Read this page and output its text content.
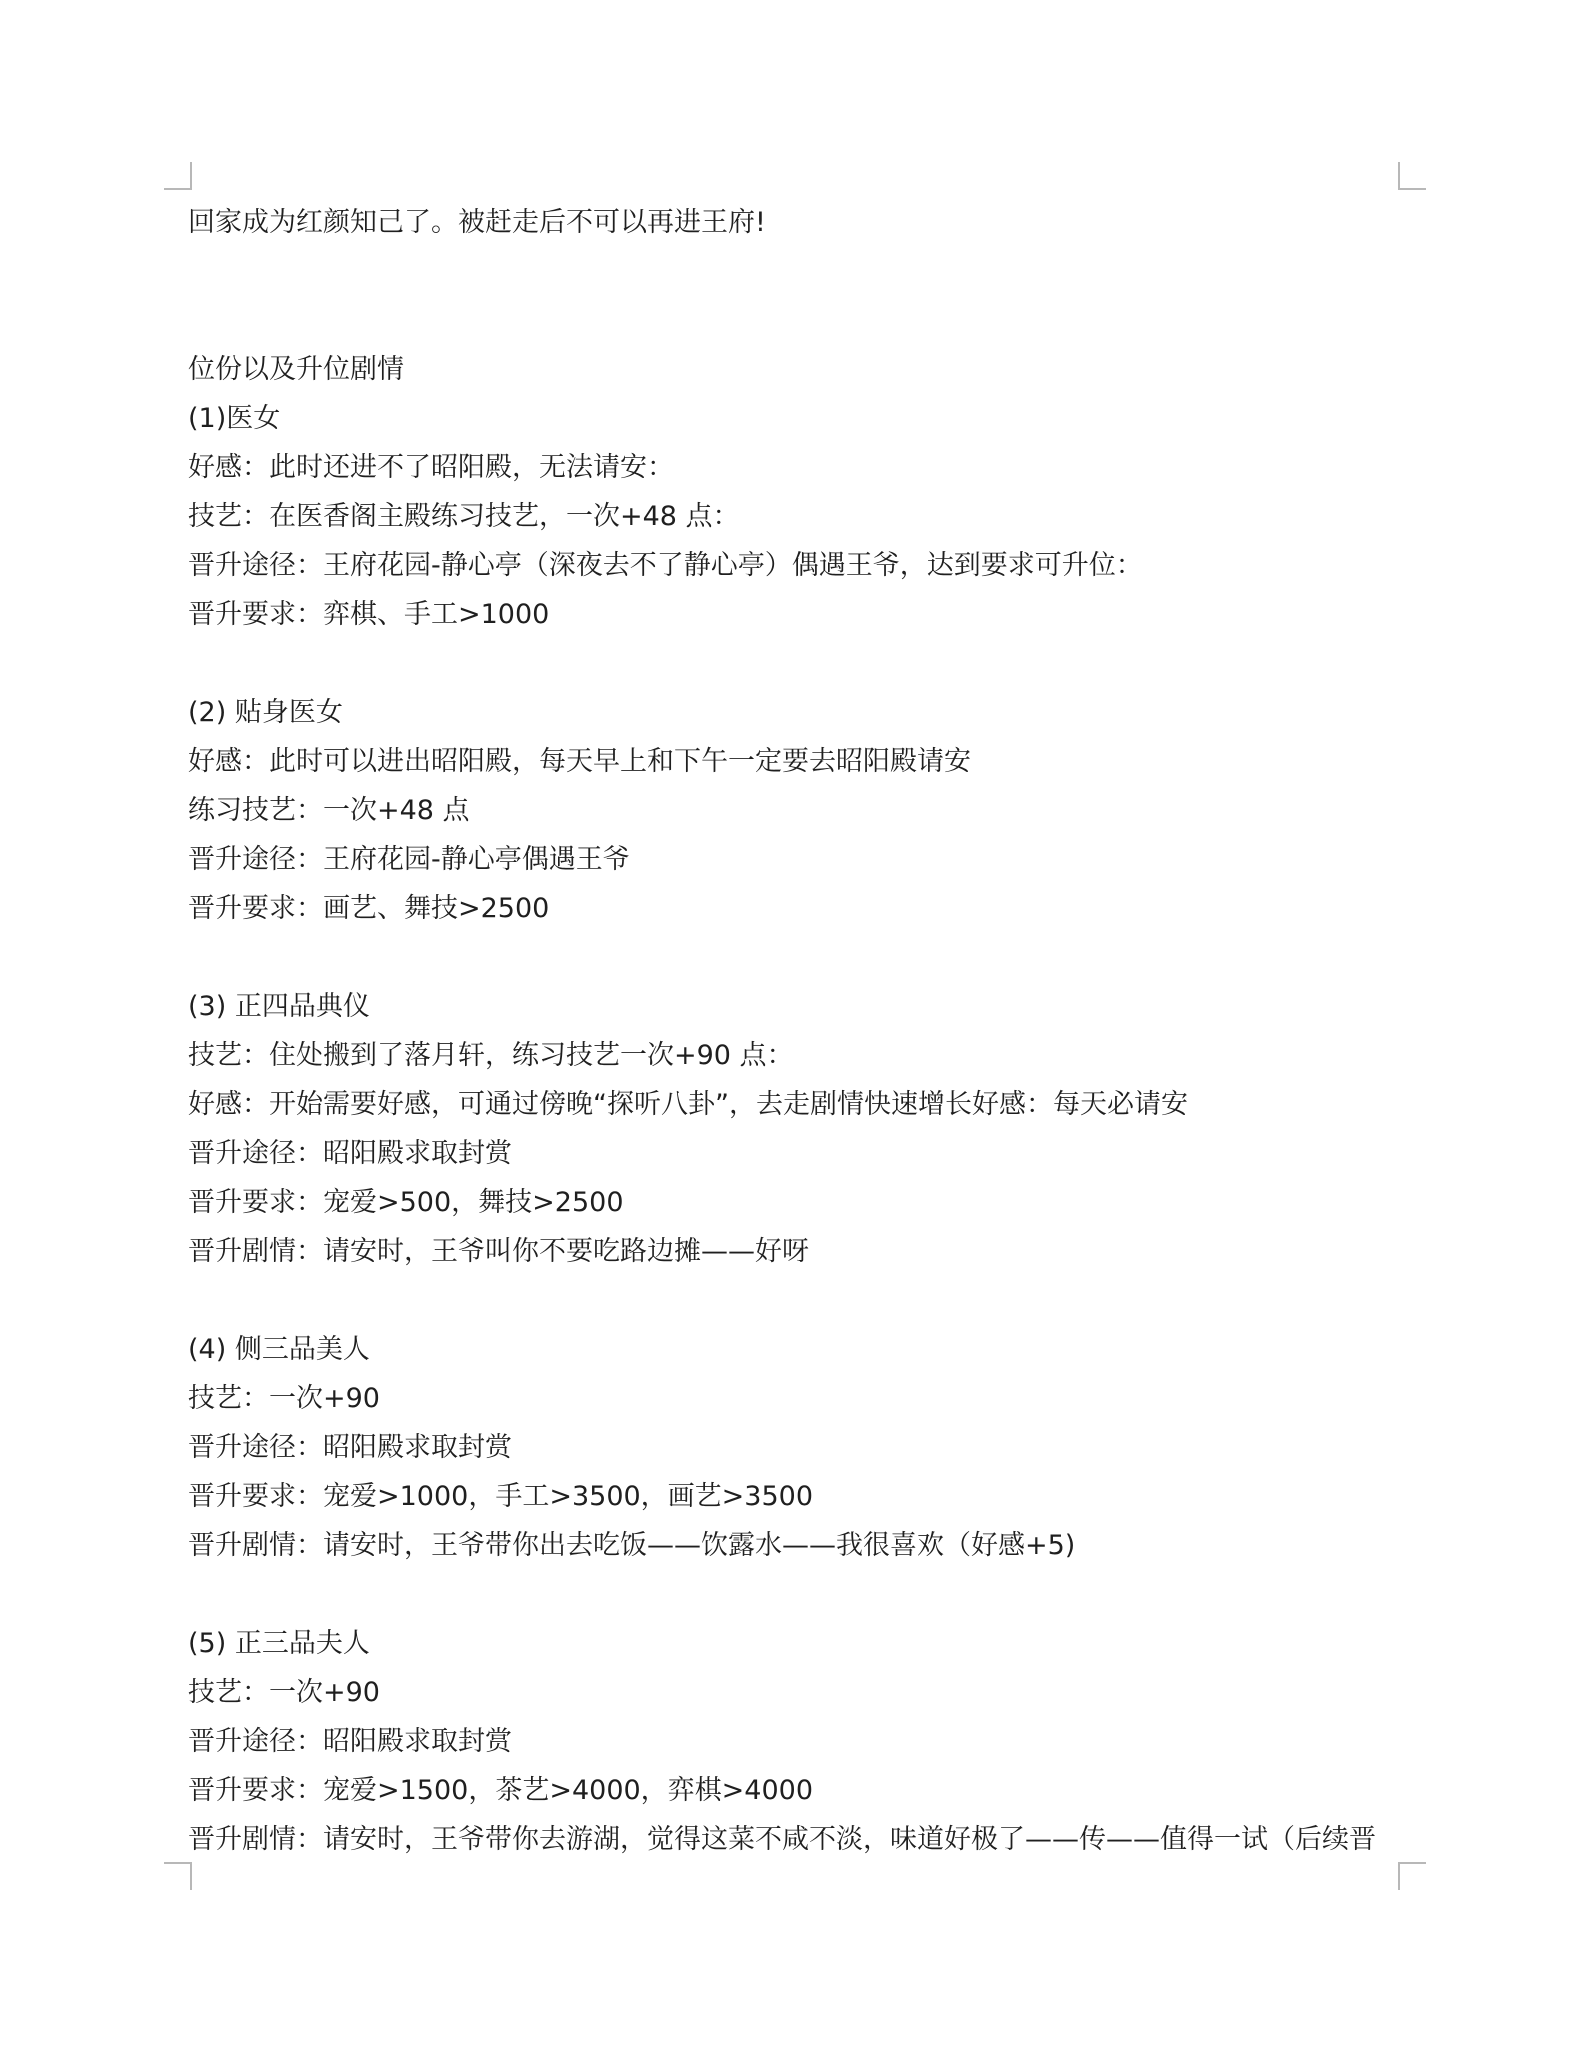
回家成为红颜知己了。被赶走后不可以再进王府!
位份以及升位剧情
(1)医女
好感：此时还进不了昭阳殿，无法请安：
技艺：在医香阁主殿练习技艺，一次+48 点：
晋升途径：王府花园-静心亭（深夜去不了静心亭）偶遇王爷，达到要求可升位：
晋升要求：弈棋、手工>1000
(2) 贴身医女
好感：此时可以进出昭阳殿，每天早上和下午一定要去昭阳殿请安
练习技艺：一次+48 点
晋升途径：王府花园-静心亭偶遇王爷
晋升要求：画艺、舞技>2500
(3) 正四品典仪
技艺：住处搬到了落月轩，练习技艺一次+90 点：
好感：开始需要好感，可通过傍晚“探听八卦”，去走剧情快速增长好感：每天必请安
晋升途径：昭阳殿求取封赏
晋升要求：宠爱>500，舞技>2500
晋升剧情：请安时，王爷叫你不要吃路边摊——好呀
(4) 侧三品美人
技艺：一次+90
晋升途径：昭阳殿求取封赏
晋升要求：宠爱>1000，手工>3500，画艺>3500
晋升剧情：请安时，王爷带你出去吃饭——饮露水——我很喜欢（好感+5)
(5) 正三品夫人
技艺：一次+90
晋升途径：昭阳殿求取封赏
晋升要求：宠爱>1500，茶艺>4000，弈棋>4000
晋升剧情：请安时，王爷带你去游湖，觉得这菜不咸不淡，味道好极了——传——值得一试（后续晋
